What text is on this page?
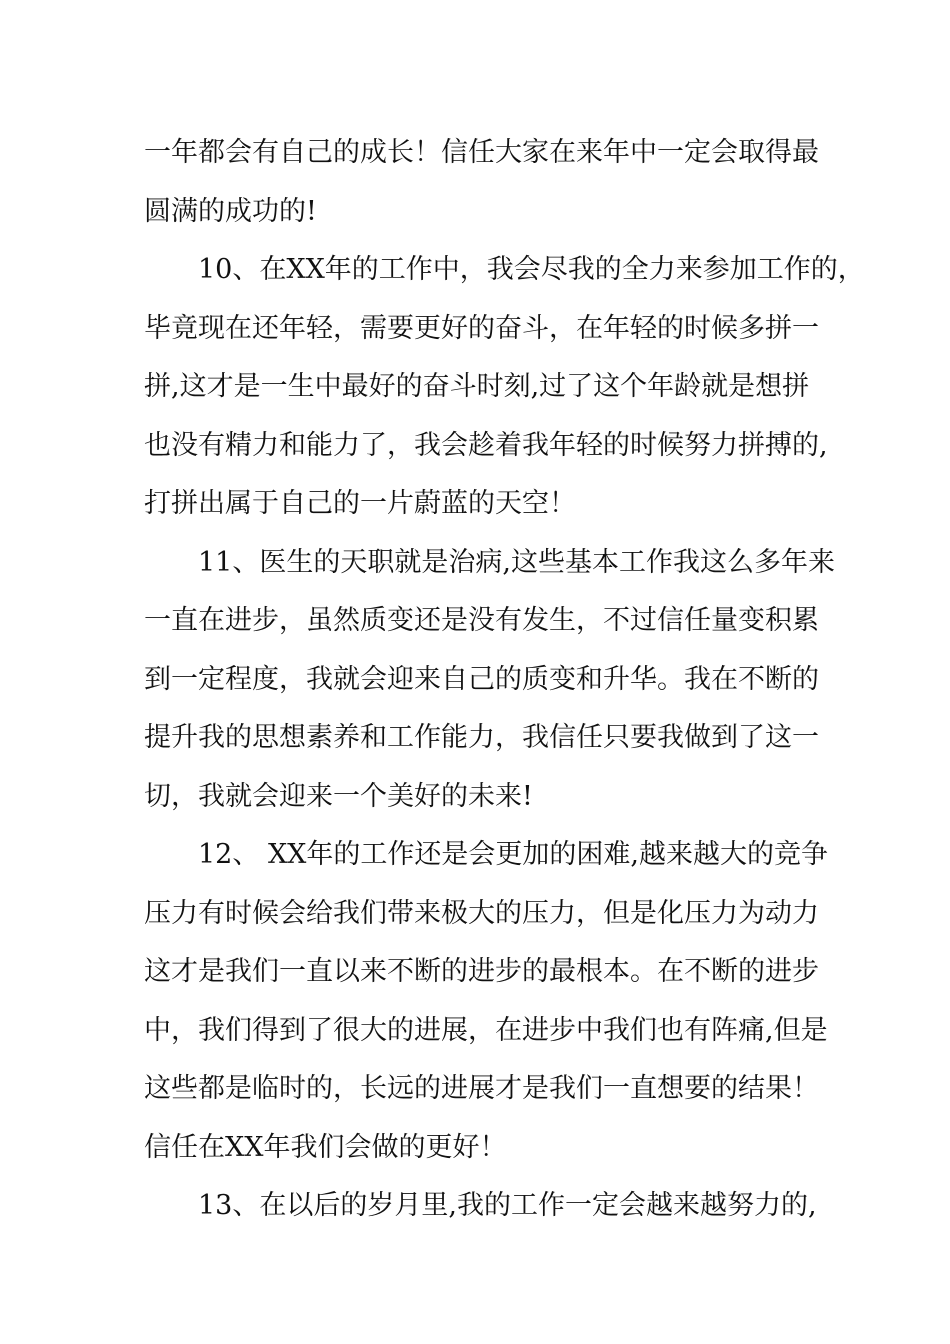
一年都会有自己的成长！信任大家在来年中一定会取得最
圆满的成功的!
10、在XX年的工作中，我会尽我的全力来参加工作的，
毕竟现在还年轻，需要更好的奋斗，在年轻的时候多拼一
拼,这才是一生中最好的奋斗时刻,过了这个年龄就是想拼
也没有精力和能力了，我会趁着我年轻的时候努力拼搏的,
打拼出属于自己的一片蔚蓝的天空！
11、医生的天职就是治病,这些基本工作我这么多年来
一直在进步，虽然质变还是没有发生，不过信任量变积累
到一定程度，我就会迎来自己的质变和升华。我在不断的
提升我的思想素养和工作能力，我信任只要我做到了这一
切，我就会迎来一个美好的未来!
12、 XX年的工作还是会更加的困难,越来越大的竞争
压力有时候会给我们带来极大的压力，但是化压力为动力
这才是我们一直以来不断的进步的最根本。在不断的进步
中，我们得到了很大的进展，在进步中我们也有阵痛,但是
这些都是临时的，长远的进展才是我们一直想要的结果！
信任在XX年我们会做的更好！
13、在以后的岁月里,我的工作一定会越来越努力的,
